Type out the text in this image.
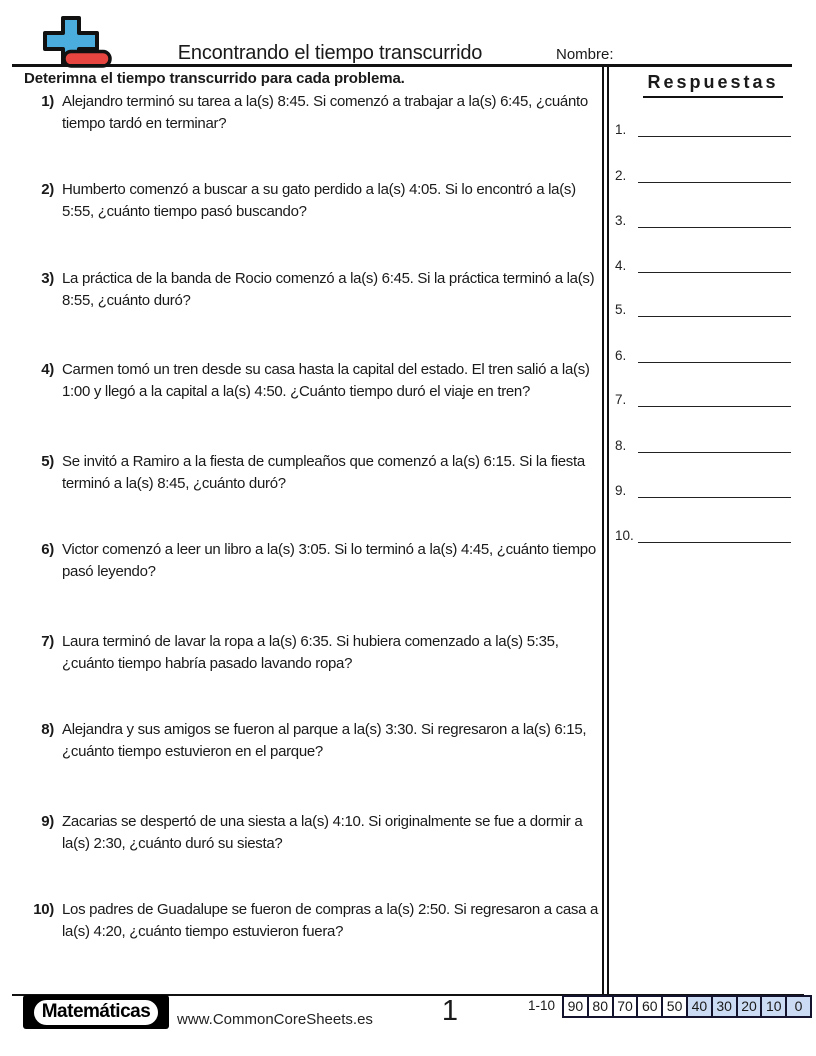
Encontrando el tiempo transcurrido	Nombre:
Deterimna el tiempo transcurrido para cada problema.
1) Alejandro terminó su tarea a la(s) 8:45. Si comenzó a trabajar a la(s) 6:45, ¿cuánto tiempo tardó en terminar?
2) Humberto comenzó a buscar a su gato perdido a la(s) 4:05. Si lo encontró a la(s) 5:55, ¿cuánto tiempo pasó buscando?
3) La práctica de la banda de Rocio comenzó a la(s) 6:45. Si la práctica terminó a la(s) 8:55, ¿cuánto duró?
4) Carmen tomó un tren desde su casa hasta la capital del estado. El tren salió a la(s) 1:00 y llegó a la capital a la(s) 4:50. ¿Cuánto tiempo duró el viaje en tren?
5) Se invitó a Ramiro a la fiesta de cumpleaños que comenzó a la(s) 6:15. Si la fiesta terminó a la(s) 8:45, ¿cuánto duró?
6) Victor comenzó a leer un libro a la(s) 3:05. Si lo terminó a la(s) 4:45, ¿cuánto tiempo pasó leyendo?
7) Laura terminó de lavar la ropa a la(s) 6:35. Si hubiera comenzado a la(s) 5:35, ¿cuánto tiempo habría pasado lavando ropa?
8) Alejandra y sus amigos se fueron al parque a la(s) 3:30. Si regresaron a la(s) 6:15, ¿cuánto tiempo estuvieron en el parque?
9) Zacarias se despertó de una siesta a la(s) 4:10. Si originalmente se fue a dormir a la(s) 2:30, ¿cuánto duró su siesta?
10) Los padres de Guadalupe se fueron de compras a la(s) 2:50. Si regresaron a casa a la(s) 4:20, ¿cuánto tiempo estuvieron fuera?
Respuestas
1.
2.
3.
4.
5.
6.
7.
8.
9.
10.
Matemáticas	www.CommonCoreSheets.es	1	1-10 90 80 70 60 50 40 30 20 10 0
